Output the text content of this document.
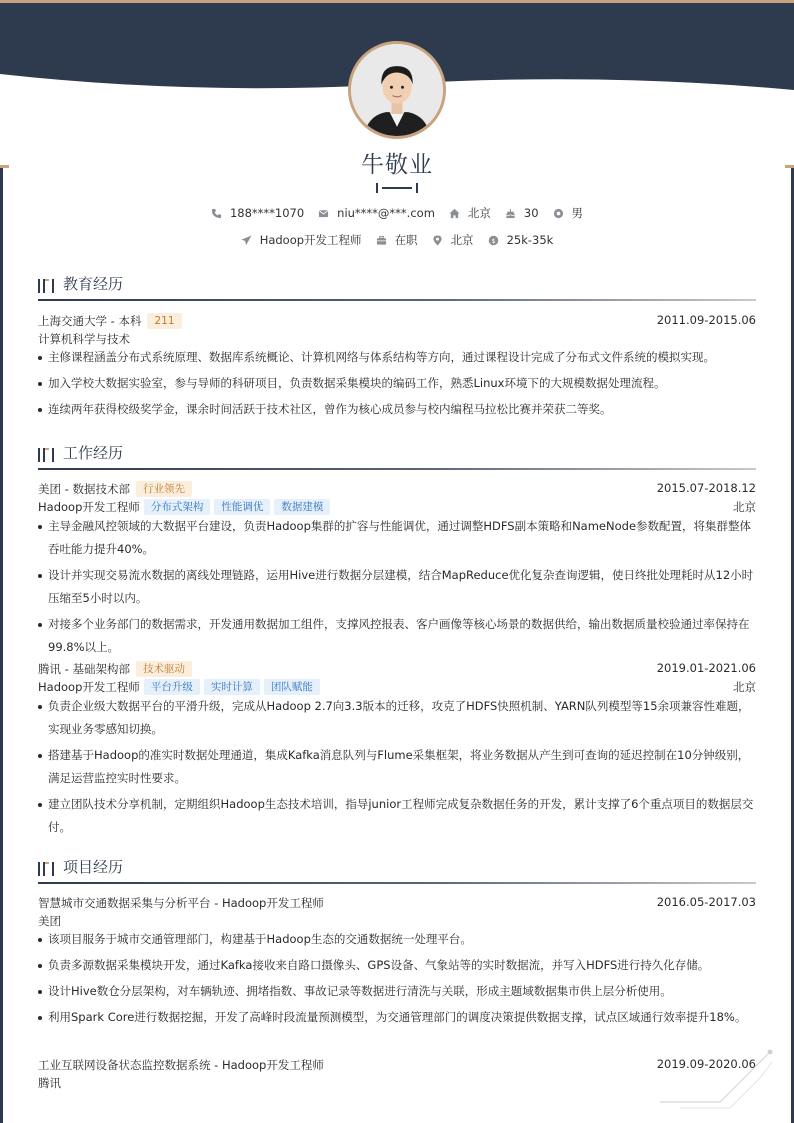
牛敬业
188****1070	niu****@***.com	北京	30	男
Hadoop开发工程师	在职	北京 $ 25k-35k
教育经历
上海交通大学 - 本科	211	2011.09-2015.06
计算机科学与技术
主修课程涵盖分布式系统原理、数据库系统概论、计算机网络与体系结构等方向，通过课程设计完成了分布式文件系统的模拟实现。
加入学校大数据实验室，参与导师的科研项目，负责数据采集模块的编码工作，熟悉Linux环境下的大规模数据处理流程。
连续两年获得校级奖学金，课余时间活跃于技术社区，曾作为核心成员参与校内编程马拉松比赛并荣获二等奖。
工作经历
美团 - 数据技术部	行业领先	2015.07-2018.12
Hadoop开发工程师	分布式架构	性能调优	数据建模	北京
主导金融风控领域的大数据平台建设，负责Hadoop集群的扩容与性能调优，通过调整HDFS副本策略和NameNode参数配置，将集群整体吞吐能力提升40%。
设计并实现交易流水数据的离线处理链路，运用Hive进行数据分层建模，结合MapReduce优化复杂查询逻辑，使日终批处理耗时从12小时压缩至5小时以内。
对接多个业务部门的数据需求，开发通用数据加工组件，支撑风控报表、客户画像等核心场景的数据供给，输出数据质量校验通过率保持在99.8%以上。
腾讯 - 基础架构部	技术驱动	2019.01-2021.06
Hadoop开发工程师	平台升级	实时计算	团队赋能	北京
负责企业级大数据平台的平滑升级，完成从Hadoop 2.7向3.3版本的迁移，攻克了HDFS快照机制、YARN队列模型等15余项兼容性难题，实现业务零感知切换。
搭建基于Hadoop的准实时数据处理通道，集成Kafka消息队列与Flume采集框架，将业务数据从产生到可查询的延迟控制在10分钟级别，满足运营监控实时性要求。
建立团队技术分享机制，定期组织Hadoop生态技术培训，指导junior工程师完成复杂数据任务的开发，累计支撑了6个重点项目的数据层交付。
项目经历
智慧城市交通数据采集与分析平台 - Hadoop开发工程师	2016.05-2017.03
美团
该项目服务于城市交通管理部门，构建基于Hadoop生态的交通数据统一处理平台。
负责多源数据采集模块开发，通过Kafka接收来自路口摄像头、GPS设备、气象站等的实时数据流，并写入HDFS进行持久化存储。
设计Hive数仓分层架构，对车辆轨迹、拥堵指数、事故记录等数据进行清洗与关联，形成主题域数据集市供上层分析使用。
利用Spark Core进行数据挖掘，开发了高峰时段流量预测模型，为交通管理部门的调度决策提供数据支撑，试点区域通行效率提升18%。
工业互联网设备状态监控数据系统 - Hadoop开发工程师	2019.09-2020.06
腾讯
